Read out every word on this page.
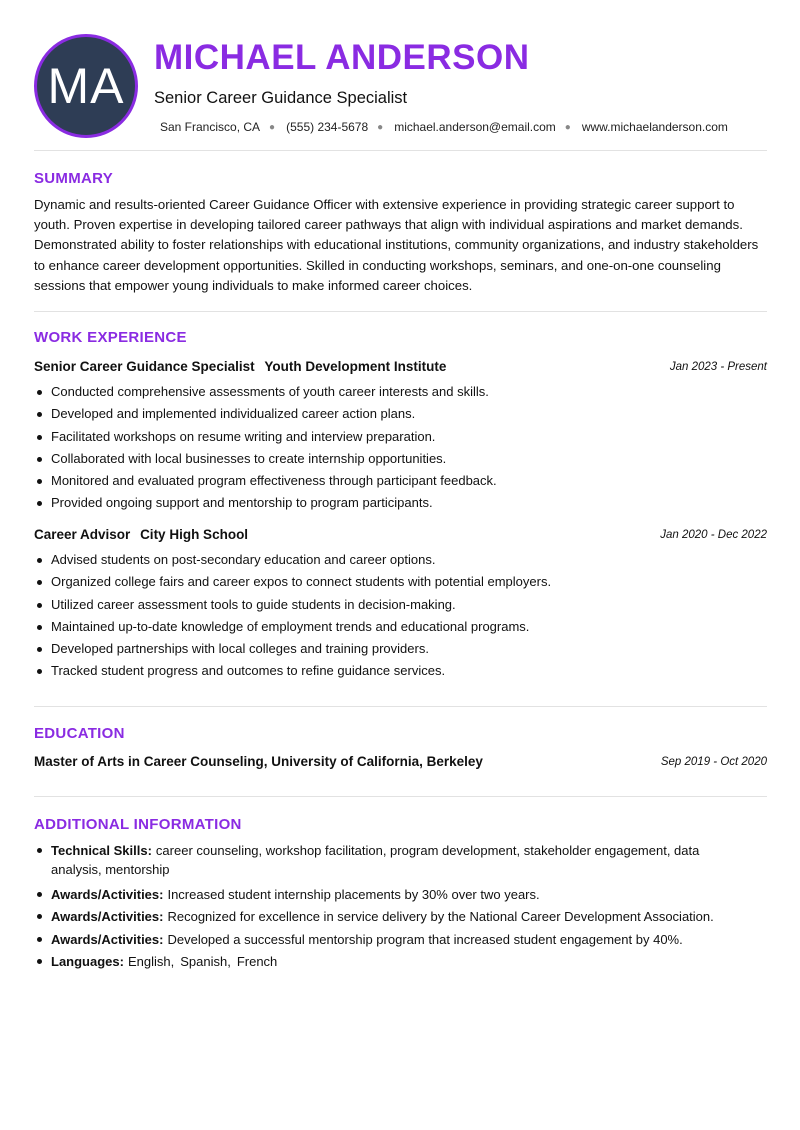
MA
MICHAEL ANDERSON
Senior Career Guidance Specialist
San Francisco, CA ● (555) 234-5678 ● michael.anderson@email.com ● www.michaelanderson.com
SUMMARY
Dynamic and results-oriented Career Guidance Officer with extensive experience in providing strategic career support to youth. Proven expertise in developing tailored career pathways that align with individual aspirations and market demands. Demonstrated ability to foster relationships with educational institutions, community organizations, and industry stakeholders to enhance career development opportunities. Skilled in conducting workshops, seminars, and one-on-one counseling sessions that empower young individuals to make informed career choices.
WORK EXPERIENCE
Senior Career Guidance Specialist Youth Development Institute	Jan 2023 - Present
Conducted comprehensive assessments of youth career interests and skills.
Developed and implemented individualized career action plans.
Facilitated workshops on resume writing and interview preparation.
Collaborated with local businesses to create internship opportunities.
Monitored and evaluated program effectiveness through participant feedback.
Provided ongoing support and mentorship to program participants.
Career Advisor City High School	Jan 2020 - Dec 2022
Advised students on post-secondary education and career options.
Organized college fairs and career expos to connect students with potential employers.
Utilized career assessment tools to guide students in decision-making.
Maintained up-to-date knowledge of employment trends and educational programs.
Developed partnerships with local colleges and training providers.
Tracked student progress and outcomes to refine guidance services.
EDUCATION
Master of Arts in Career Counseling, University of California, Berkeley	Sep 2019 - Oct 2020
ADDITIONAL INFORMATION
Technical Skills: career counseling, workshop facilitation, program development, stakeholder engagement, data analysis, mentorship
Awards/Activities: Increased student internship placements by 30% over two years.
Awards/Activities: Recognized for excellence in service delivery by the National Career Development Association.
Awards/Activities: Developed a successful mentorship program that increased student engagement by 40%.
Languages: English, Spanish, French
